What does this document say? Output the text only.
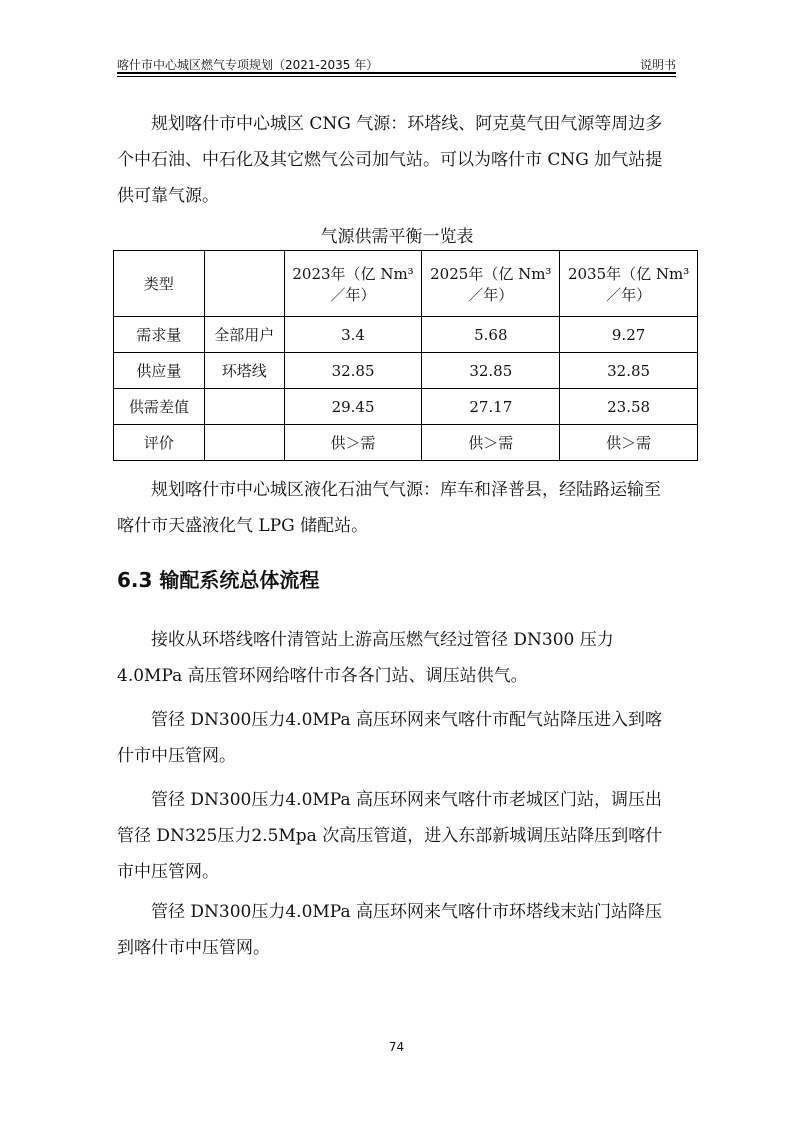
喀什市中心城区燃气专项规划（2021-2035 年）	说明书

规划喀什市中心城区 CNG 气源：环塔线、阿克莫气田气源等周边多个中石油、中石化及其它燃气公司加气站。可以为喀什市 CNG 加气站提供可靠气源。

气源供需平衡一览表
类型		2023年（亿 Nm³／年）	2025年（亿 Nm³／年）	2035年（亿 Nm³／年）
需求量	全部用户	3.4	5.68	9.27
供应量	环塔线	32.85	32.85	32.85
供需差值		29.45	27.17	23.58
评价		供＞需	供＞需	供＞需

规划喀什市中心城区液化石油气气源：库车和泽普县，经陆路运输至喀什市天盛液化气 LPG 储配站。

6.3 输配系统总体流程

接收从环塔线喀什清管站上游高压燃气经过管径 DN300 压力 4.0MPa 高压管环网给喀什市各各门站、调压站供气。

管径 DN300压力4.0MPa 高压环网来气喀什市配气站降压进入到喀什市中压管网。

管径 DN300压力4.0MPa 高压环网来气喀什市老城区门站，调压出管径 DN325压力2.5Mpa 次高压管道，进入东部新城调压站降压到喀什市中压管网。

管径 DN300压力4.0MPa 高压环网来气喀什市环塔线末站门站降压到喀什市中压管网。

74
